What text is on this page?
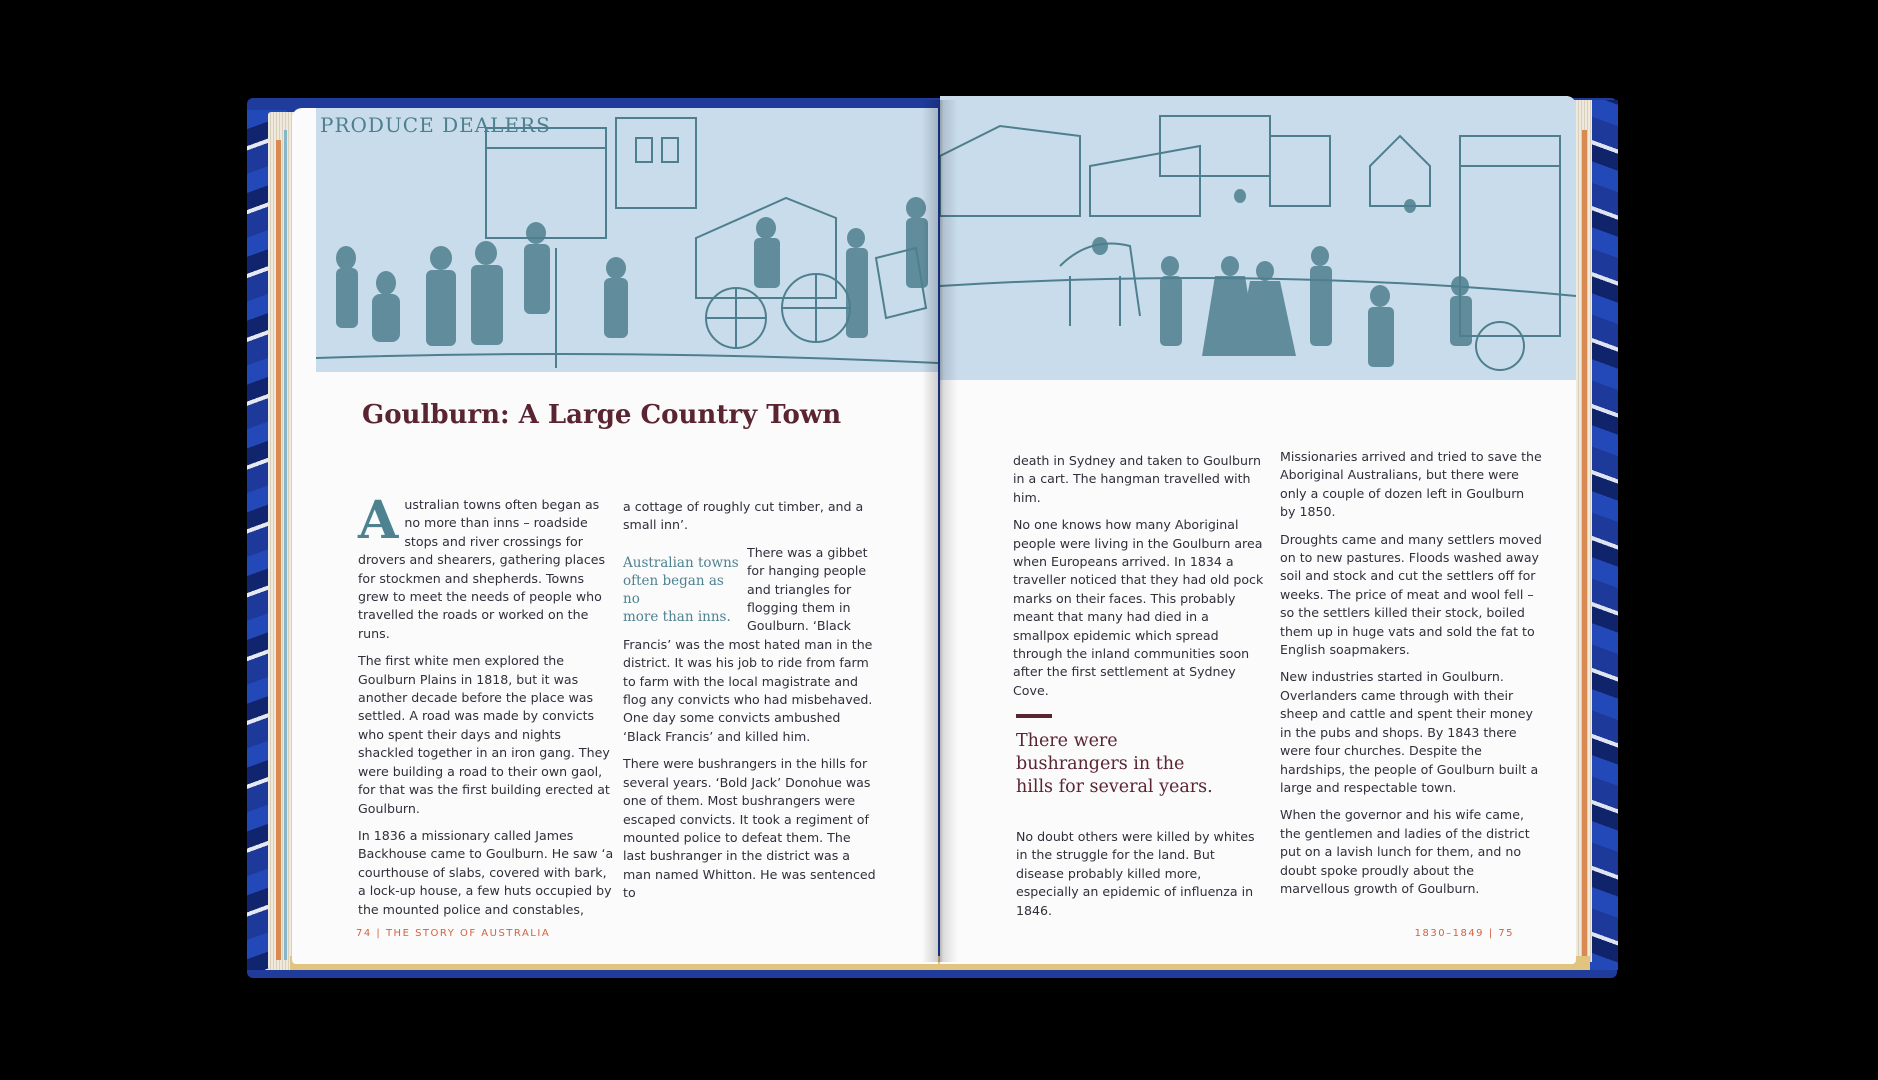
PRODUCE DEALERS
Goulburn: A Large Country Town

Australian towns often began as no more than inns – roadside stops and river crossings for drovers and shearers, gathering places for stockmen and shepherds. Towns grew to meet the needs of people who travelled the roads or worked on the runs.

The first white men explored the Goulburn Plains in 1818, but it was another decade before the place was settled. A road was made by convicts who spent their days and nights shackled together in an iron gang. They were building a road to their own gaol, for that was the first building erected at Goulburn.

In 1836 a missionary called James Backhouse came to Goulburn. He saw ‘a courthouse of slabs, covered with bark, a lock-up house, a few huts occupied by the mounted police and constables,

a cottage of roughly cut timber, and a small inn’.

Australian towns
often began as no
more than inns.
There was a gibbet for hanging people and triangles for flogging them in Goulburn. ‘Black Francis’ was the most hated man in the district. It was his job to ride from farm to farm with the local magistrate and flog any convicts who had misbehaved. One day some convicts ambushed ‘Black Francis’ and killed him.

There were bushrangers in the hills for several years. ‘Bold Jack’ Donohue was one of them. Most bushrangers were escaped convicts. It took a regiment of mounted police to defeat them. The last bushranger in the district was a man named Whitton. He was sentenced to

74 | THE STORY OF AUSTRALIA

death in Sydney and taken to Goulburn in a cart. The hangman travelled with him.

No one knows how many Aboriginal people were living in the Goulburn area when Europeans arrived. In 1834 a traveller noticed that they had old pock marks on their faces. This probably meant that many had died in a smallpox epidemic which spread through the inland communities soon after the first settlement at Sydney Cove.

There were
bushrangers in the
hills for several years.

No doubt others were killed by whites in the struggle for the land. But disease probably killed more, especially an epidemic of influenza in 1846.

Missionaries arrived and tried to save the Aboriginal Australians, but there were only a couple of dozen left in Goulburn by 1850.

Droughts came and many settlers moved on to new pastures. Floods washed away soil and stock and cut the settlers off for weeks. The price of meat and wool fell – so the settlers killed their stock, boiled them up in huge vats and sold the fat to English soapmakers.

New industries started in Goulburn. Overlanders came through with their sheep and cattle and spent their money in the pubs and shops. By 1843 there were four churches. Despite the hardships, the people of Goulburn built a large and respectable town.

When the governor and his wife came, the gentlemen and ladies of the district put on a lavish lunch for them, and no doubt spoke proudly about the marvellous growth of Goulburn.

1830–1849 | 75
